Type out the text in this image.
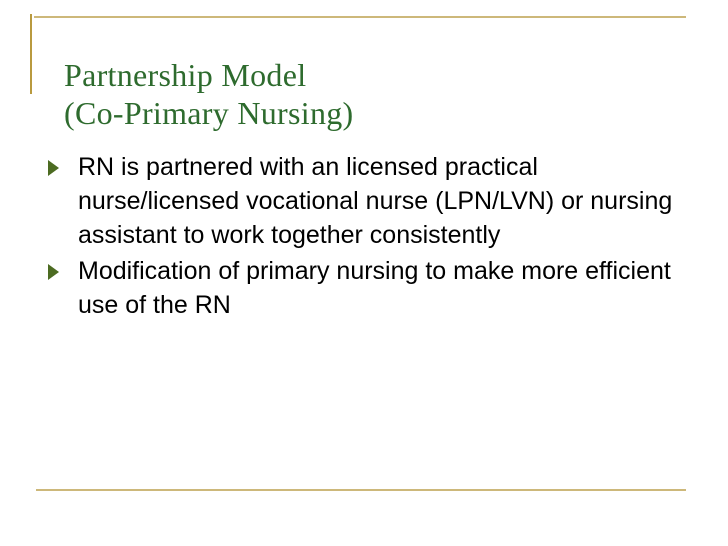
Partnership Model
(Co-Primary Nursing)
RN is partnered with an licensed practical nurse/licensed vocational nurse (LPN/LVN) or nursing assistant to work together consistently
Modification of primary nursing to make more efficient use of the RN
